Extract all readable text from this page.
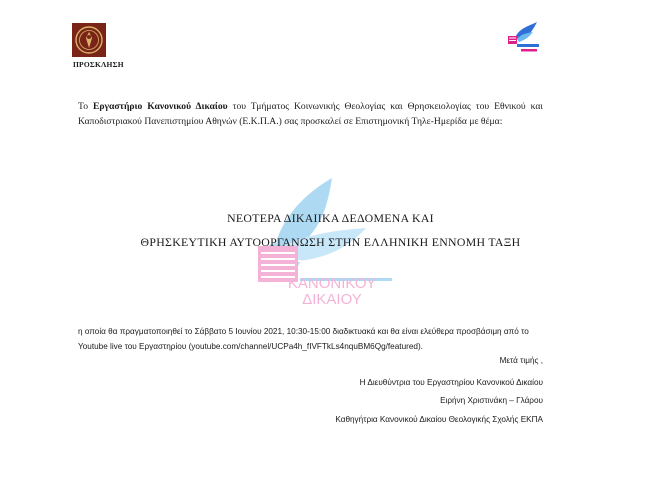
ΠΡΟΣΚΛΗΣΗ
Το Εργαστήριο Κανονικού Δικαίου του Τμήματος Κοινωνικής Θεολογίας και Θρησκειολογίας του Εθνικού και Καποδιστριακού Πανεπιστημίου Αθηνών (Ε.Κ.Π.Α.) σας προσκαλεί σε Επιστημονική Τηλε-Ημερίδα με θέμα:
ΚΑΝΟΝΙΚΟΥ
ΔΙΚΑΙΟΥ
ΝΕΟΤΕΡΑ ΔΙΚΑΙΙΚΑ ΔΕΔΟΜΕΝΑ ΚΑΙ
ΘΡΗΣΚΕΥΤΙΚΗ ΑΥΤΟΟΡΓΑΝΩΣΗ ΣΤΗΝ ΕΛΛΗΝΙΚΗ ΕΝΝΟΜΗ ΤΑΞΗ
η οποία θα πραγματοποιηθεί το Σάββατο 5 Ιουνίου 2021, 10:30-15:00 διαδικτυακά και θα είναι ελεύθερα προσβάσιμη από το Youtube live του Εργαστηρίου (youtube.com/channel/UCPa4h_fIVFTkLs4nquBM6Qg/featured).
Μετά τιμής ,
Η Διευθύντρια του Εργαστηρίου Κανονικού Δικαίου
Ειρήνη Χριστινάκη – Γλάρου
Καθηγήτρια Κανονικού Δικαίου Θεολογικής Σχολής ΕΚΠΑ
